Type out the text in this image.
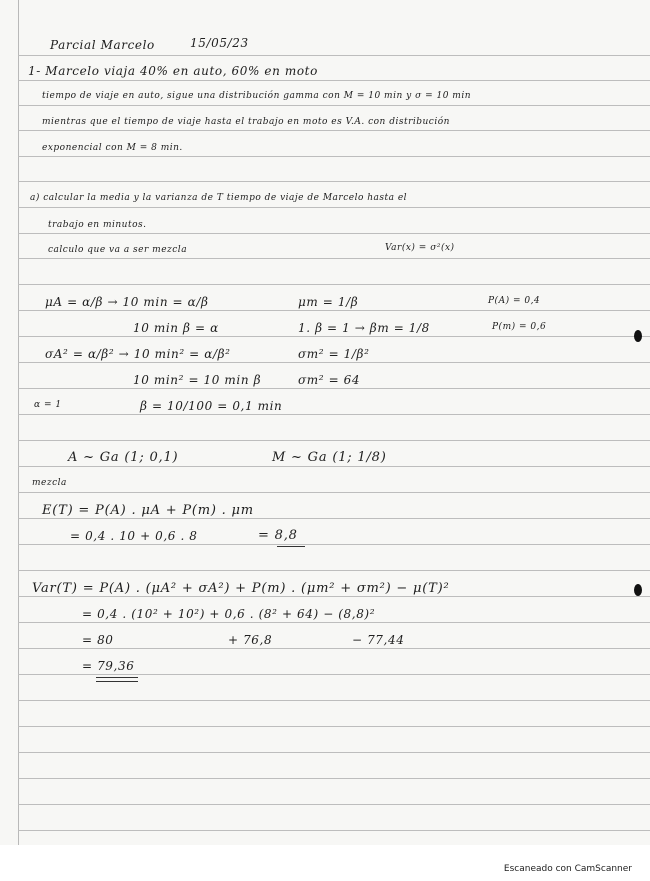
Parcial Marcelo	15/05/23
1- Marcelo viaja 40% en auto, 60% en moto
tiempo de viaje en auto, sigue una distribución gamma con M = 10 min y σ = 10 min
mientras que el tiempo de viaje hasta el trabajo en moto es V.A. con distribución
exponencial con M = 8 min.
a) calcular la media y la varianza de T tiempo de viaje de Marcelo hasta el
trabajo en minutos.
calculo que va a ser mezcla	Var(x) = σ²(x)
μA = α/β → 10 min = α/β	μm = 1/β	P(A) = 0,4
10 min β = α	1. β = 1 → βm = 1/8	P(m) = 0,6
σA² = α/β² → 10 min² = α/β²	σm² = 1/β²
10 min² = 10 min β	σm² = 64
α = 1	β = 10/100 = 0,1 min
A ~ Ga (1; 0,1)	M ~ Ga (1; 1/8)
mezcla
E(T) = P(A) . μA + P(m) . μm
= 0,4 . 10 + 0,6 . 8	= 8,8
Var(T) = P(A) . (μA² + σA²) + P(m) . (μm² + σm²) − μ(T)²
= 0,4 . (10² + 10²) + 0,6 . (8² + 64) − (8,8)²
= 80	+ 76,8	− 77,44
= 79,36
Escaneado con CamScanner
